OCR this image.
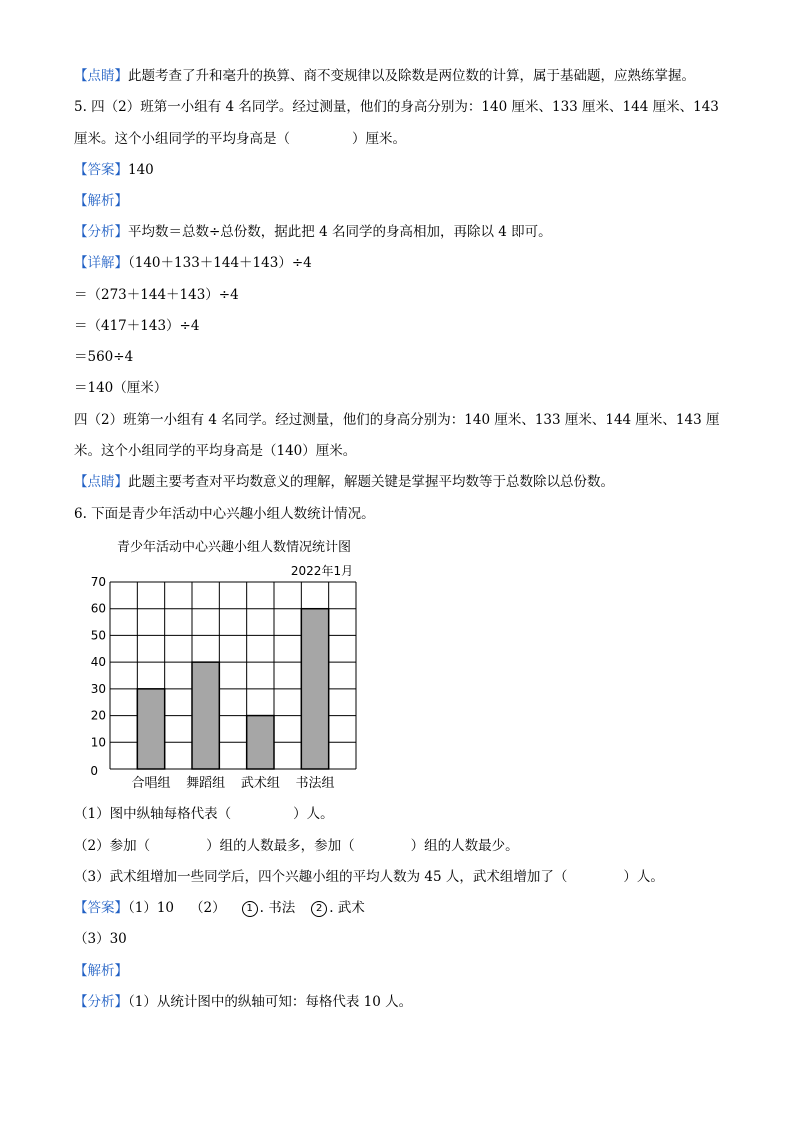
【点睛】此题考查了升和毫升的换算、商不变规律以及除数是两位数的计算，属于基础题，应熟练掌握。
5. 四（2）班第一小组有 4 名同学。经过测量，他们的身高分别为：140 厘米、133 厘米、144 厘米、143
厘米。这个小组同学的平均身高是（	）厘米。
【答案】140
【解析】
【分析】平均数＝总数÷总份数，据此把 4 名同学的身高相加，再除以 4 即可。
【详解】（140＋133＋144＋143）÷4
＝（273＋144＋143）÷4
＝（417＋143）÷4
＝560÷4
＝140（厘米）
四（2）班第一小组有 4 名同学。经过测量，他们的身高分别为：140 厘米、133 厘米、144 厘米、143 厘
米。这个小组同学的平均身高是（140）厘米。
【点睛】此题主要考查对平均数意义的理解，解题关键是掌握平均数等于总数除以总份数。
6. 下面是青少年活动中心兴趣小组人数统计情况。
青少年活动中心兴趣小组人数情况统计图
2022年1月
0
10
20
30
40
50
60
70
合唱组 舞蹈组 武术组 书法组
（1）图中纵轴每格代表（	）人。
（2）参加（	）组的人数最多，参加（	）组的人数最少。
（3）武术组增加一些同学后，四个兴趣小组的平均人数为 45 人，武术组增加了（	）人。
【答案】（1）10 （2） 1 . 书法 2 . 武术
（3）30
【解析】
【分析】（1）从统计图中的纵轴可知：每格代表 10 人。
